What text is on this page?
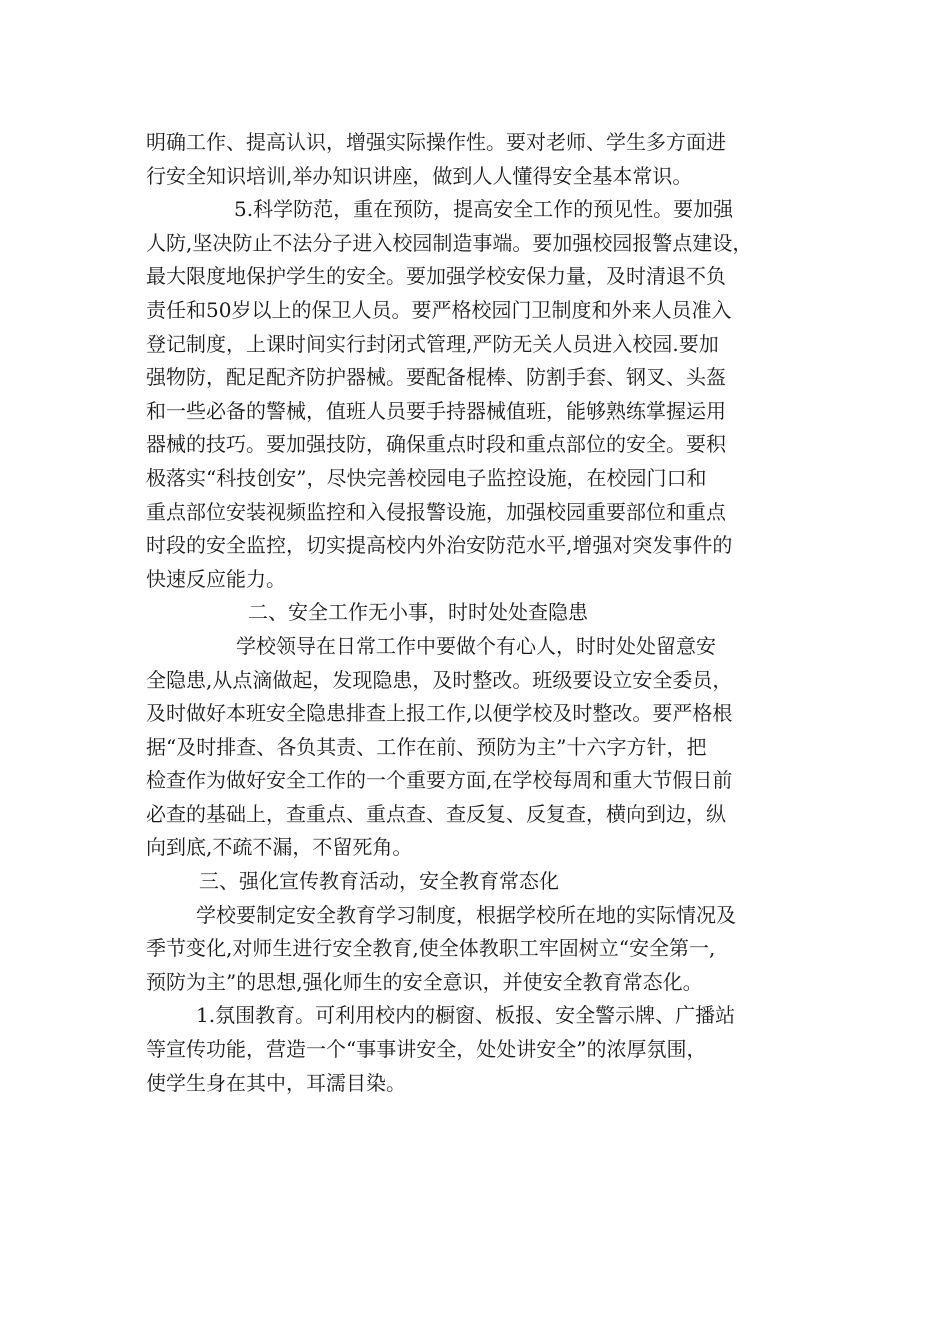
明确工作、提高认识，增强实际操作性。要对老师、学生多方面进
行安全知识培训,举办知识讲座，做到人人懂得安全基本常识。
5.科学防范，重在预防，提高安全工作的预见性。要加强
人防,坚决防止不法分子进入校园制造事端。要加强校园报警点建设，
最大限度地保护学生的安全。要加强学校安保力量，及时清退不负
责任和50岁以上的保卫人员。要严格校园门卫制度和外来人员准入
登记制度，上课时间实行封闭式管理,严防无关人员进入校园.要加
强物防，配足配齐防护器械。要配备棍棒、防割手套、钢叉、头盔
和一些必备的警械，值班人员要手持器械值班，能够熟练掌握运用
器械的技巧。要加强技防，确保重点时段和重点部位的安全。要积
极落实“科技创安”，尽快完善校园电子监控设施，在校园门口和
重点部位安装视频监控和入侵报警设施，加强校园重要部位和重点
时段的安全监控，切实提高校内外治安防范水平,增强对突发事件的
快速反应能力。
二、安全工作无小事，时时处处查隐患
学校领导在日常工作中要做个有心人，时时处处留意安
全隐患,从点滴做起，发现隐患，及时整改。班级要设立安全委员，
及时做好本班安全隐患排查上报工作,以便学校及时整改。要严格根
据“及时排查、各负其责、工作在前、预防为主”十六字方针，把
检查作为做好安全工作的一个重要方面,在学校每周和重大节假日前
必查的基础上，查重点、重点查、查反复、反复查，横向到边，纵
向到底,不疏不漏，不留死角。
三、强化宣传教育活动，安全教育常态化
学校要制定安全教育学习制度，根据学校所在地的实际情况及
季节变化,对师生进行安全教育,使全体教职工牢固树立“安全第一,
预防为主”的思想,强化师生的安全意识，并使安全教育常态化。
1.氛围教育。可利用校内的橱窗、板报、安全警示牌、广播站
等宣传功能，营造一个“事事讲安全，处处讲安全”的浓厚氛围，
使学生身在其中，耳濡目染。
